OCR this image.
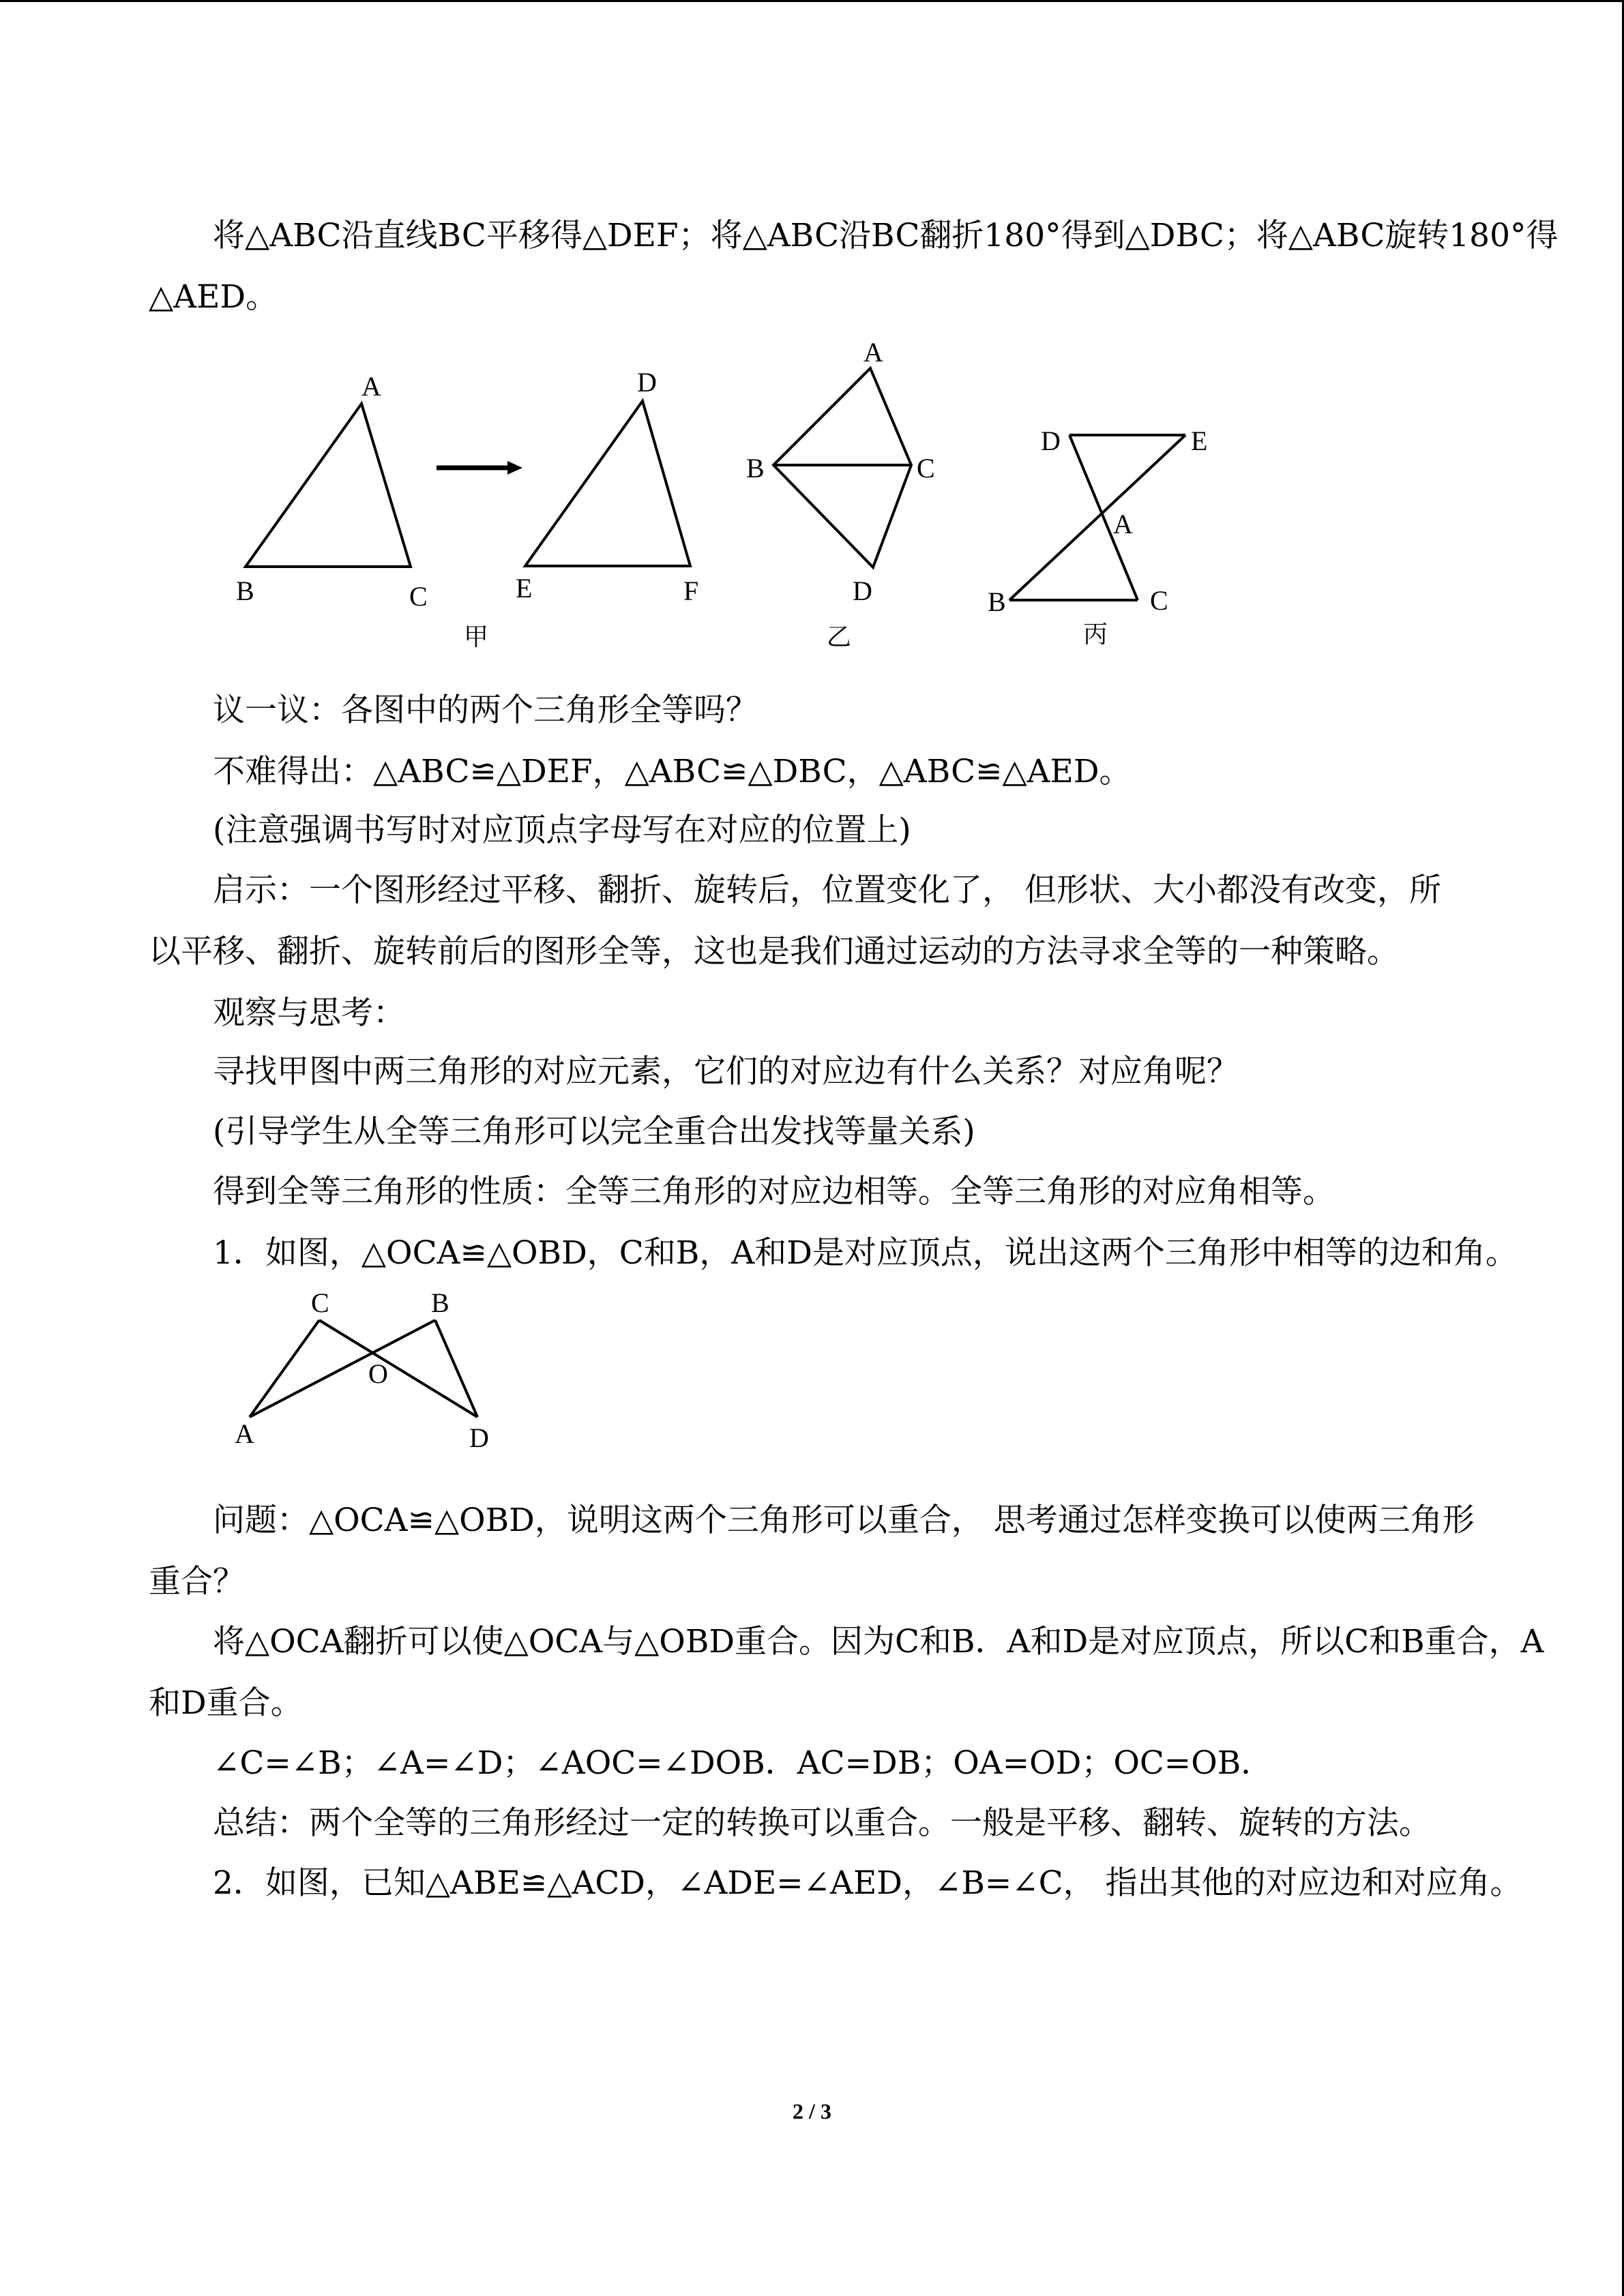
将△ABC沿直线BC平移得△DEF；将△ABC沿BC翻折180°得到△DBC；将△ABC旋转180°得
△AED。
A
B	C
D
E	F
甲
A
B	C
D
乙
D	E
A
B	C
丙
议一议：各图中的两个三角形全等吗？
不难得出：△ABC≌△DEF，△ABC≌△DBC，△ABC≌△AED。
(注意强调书写时对应顶点字母写在对应的位置上)
启示：一个图形经过平移、翻折、旋转后，位置变化了， 但形状、大小都没有改变，所
以平移、翻折、旋转前后的图形全等，这也是我们通过运动的方法寻求全等的一种策略。
观察与思考：
寻找甲图中两三角形的对应元素，它们的对应边有什么关系？对应角呢？
(引导学生从全等三角形可以完全重合出发找等量关系)
得到全等三角形的性质：全等三角形的对应边相等。全等三角形的对应角相等。
1．如图，△OCA≌△OBD，C和B，A和D是对应顶点，说出这两个三角形中相等的边和角。
C	B
O
A	D
问题：△OCA≌△OBD，说明这两个三角形可以重合， 思考通过怎样变换可以使两三角形
重合？
将△OCA翻折可以使△OCA与△OBD重合。因为C和B．A和D是对应顶点，所以C和B重合，A
和D重合。
∠C=∠B；∠A=∠D；∠AOC=∠DOB．AC=DB；OA=OD；OC=OB．
总结：两个全等的三角形经过一定的转换可以重合。一般是平移、翻转、旋转的方法。
2．如图，已知△ABE≌△ACD，∠ADE=∠AED，∠B=∠C， 指出其他的对应边和对应角。
2 / 3
